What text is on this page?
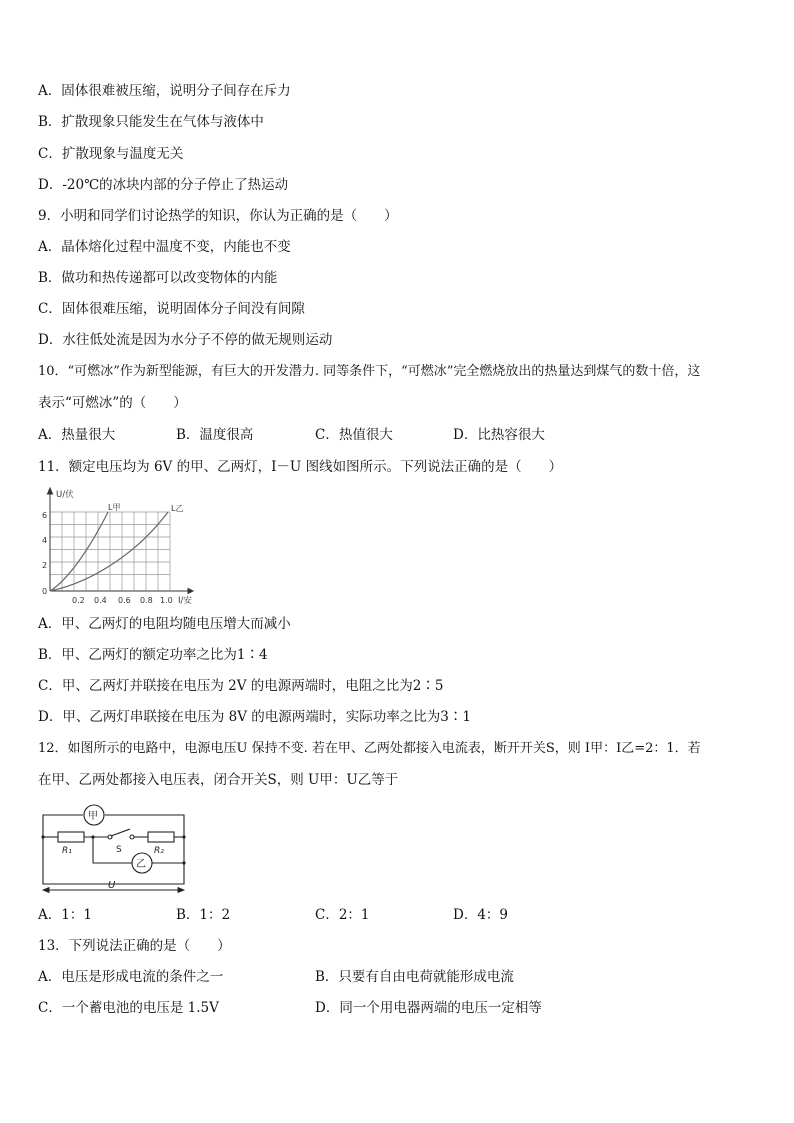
A．固体很难被压缩，说明分子间存在斥力
B．扩散现象只能发生在气体与液体中
C．扩散现象与温度无关
D．-20℃的冰块内部的分子停止了热运动
9．小明和同学们讨论热学的知识，你认为正确的是（　　）
A．晶体熔化过程中温度不变，内能也不变
B．做功和热传递都可以改变物体的内能
C．固体很难压缩，说明固体分子间没有间隙
D．水往低处流是因为水分子不停的做无规则运动
10．“可燃冰”作为新型能源，有巨大的开发潜力. 同等条件下，“可燃冰”完全燃烧放出的热量达到煤气的数十倍，这
表示“可燃冰”的（　　）
A．热量很大	B．温度很高	C．热值很大	D．比热容很大
11．额定电压均为 6V 的甲、乙两灯，I－U 图线如图所示。下列说法正确的是（　　）
U/伏
I/安
L甲	L乙
0
2
4
6
0.2 0.4 0.6 0.8 1.0
A．甲、乙两灯的电阻均随电压增大而减小
B．甲、乙两灯的额定功率之比为1∶4
C．甲、乙两灯并联接在电压为 2V 的电源两端时，电阻之比为2∶5
D．甲、乙两灯串联接在电压为 8V 的电源两端时，实际功率之比为3∶1
12．如图所示的电路中，电源电压U 保持不变. 若在甲、乙两处都接入电流表，断开开关S，则 I甲：I乙=2：1．若
在甲、乙两处都接入电压表，闭合开关S，则 U甲：U乙等于
甲
乙
R₁	R₂
S
U
A．1：1	B．1：2	C．2：1	D．4：9
13．下列说法正确的是（　　）
A．电压是形成电流的条件之一	B．只要有自由电荷就能形成电流
C．一个蓄电池的电压是 1.5V	D．同一个用电器两端的电压一定相等
